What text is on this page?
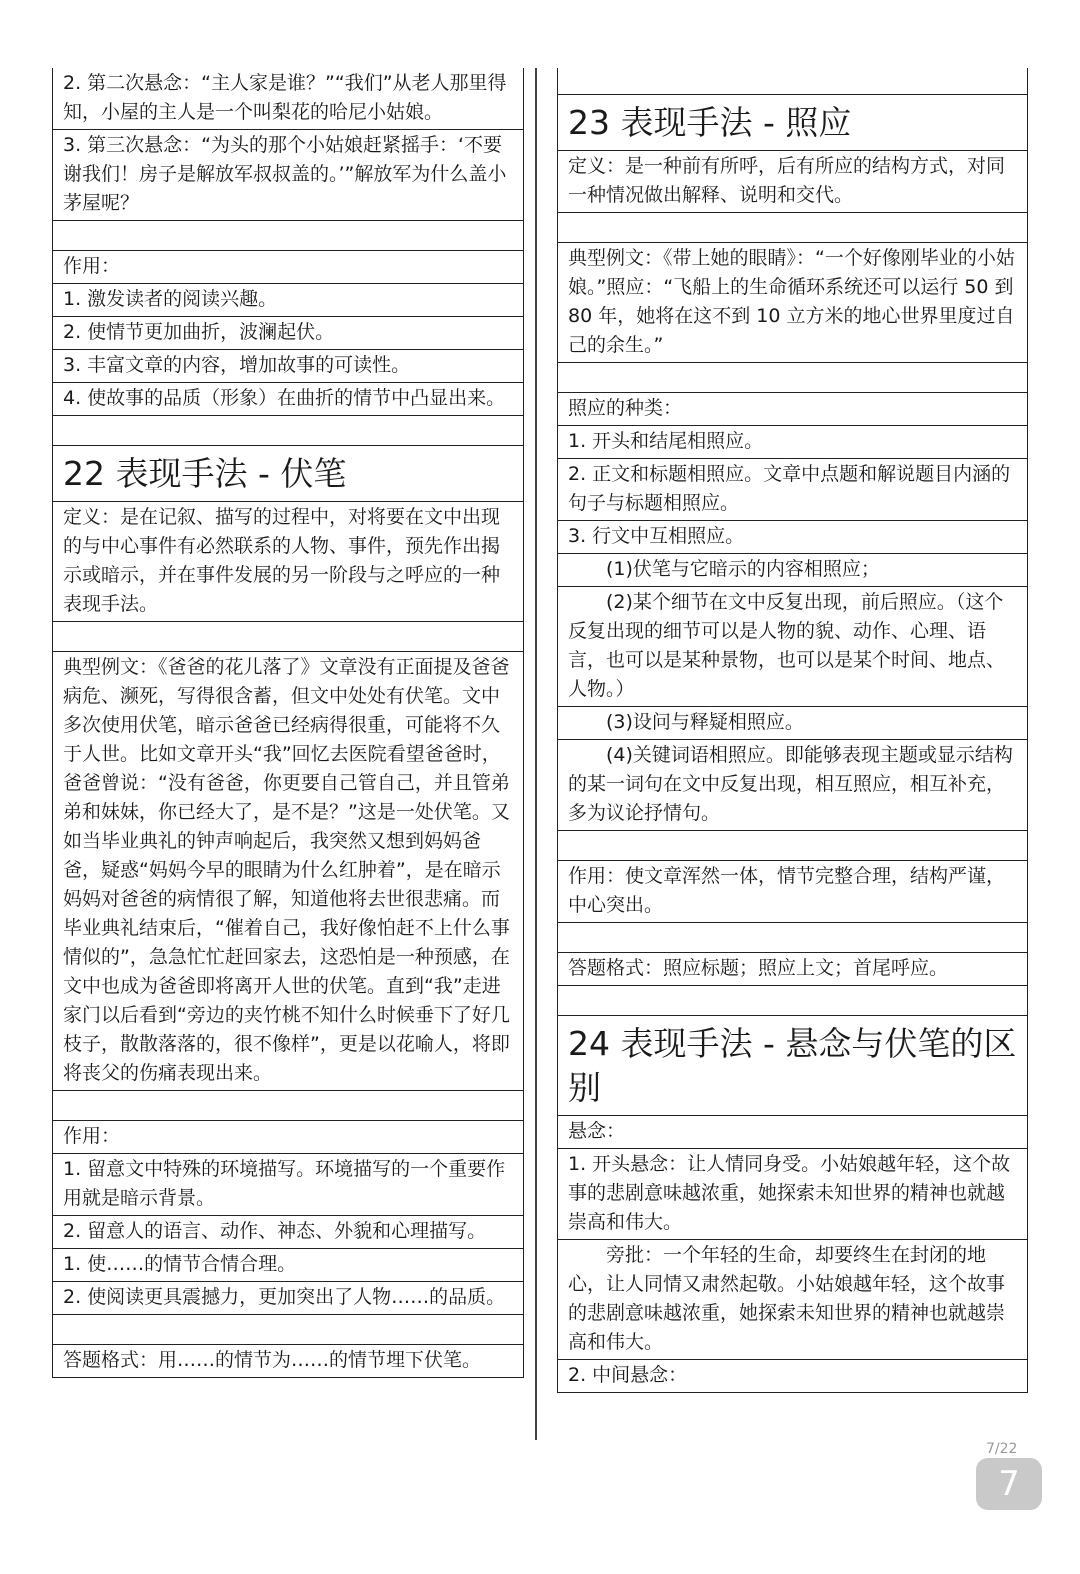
2. 第二次悬念：“主人家是谁？”“我们”从老人那里得知，小屋的主人是一个叫梨花的哈尼小姑娘。
3. 第三次悬念：“为头的那个小姑娘赶紧摇手：‘不要谢我们！房子是解放军叔叔盖的。’”解放军为什么盖小茅屋呢？
作用：
1. 激发读者的阅读兴趣。
2. 使情节更加曲折，波澜起伏。
3. 丰富文章的内容，增加故事的可读性。
4. 使故事的品质（形象）在曲折的情节中凸显出来。
22 表现手法 - 伏笔
定义：是在记叙、描写的过程中，对将要在文中出现的与中心事件有必然联系的人物、事件，预先作出揭示或暗示，并在事件发展的另一阶段与之呼应的一种表现手法。
典型例文：《爸爸的花儿落了》文章没有正面提及爸爸病危、濒死，写得很含蓄，但文中处处有伏笔。文中多次使用伏笔，暗示爸爸已经病得很重，可能将不久于人世。比如文章开头“我”回忆去医院看望爸爸时，爸爸曾说：“没有爸爸，你更要自己管自己，并且管弟弟和妹妹，你已经大了，是不是？”这是一处伏笔。又如当毕业典礼的钟声响起后，我突然又想到妈妈爸爸，疑惑“妈妈今早的眼睛为什么红肿着”，是在暗示妈妈对爸爸的病情很了解，知道他将去世很悲痛。而毕业典礼结束后，“催着自己，我好像怕赶不上什么事情似的”，急急忙忙赶回家去，这恐怕是一种预感，在文中也成为爸爸即将离开人世的伏笔。直到“我”走进家门以后看到“旁边的夹竹桃不知什么时候垂下了好几枝子，散散落落的，很不像样”，更是以花喻人，将即将丧父的伤痛表现出来。
作用：
1. 留意文中特殊的环境描写。环境描写的一个重要作用就是暗示背景。
2. 留意人的语言、动作、神态、外貌和心理描写。
1. 使……的情节合情合理。
2. 使阅读更具震撼力，更加突出了人物……的品质。
答题格式：用……的情节为……的情节埋下伏笔。
23 表现手法 - 照应
定义：是一种前有所呼，后有所应的结构方式，对同一种情况做出解释、说明和交代。
典型例文：《带上她的眼睛》：“一个好像刚毕业的小姑娘。”照应：“飞船上的生命循环系统还可以运行 50 到 80 年，她将在这不到 10 立方米的地心世界里度过自己的余生。”
照应的种类：
1. 开头和结尾相照应。
2. 正文和标题相照应。文章中点题和解说题目内涵的句子与标题相照应。
3. 行文中互相照应。
(1)伏笔与它暗示的内容相照应；
(2)某个细节在文中反复出现，前后照应。（这个反复出现的细节可以是人物的貌、动作、心理、语言，也可以是某种景物，也可以是某个时间、地点、人物。）
(3)设问与释疑相照应。
(4)关键词语相照应。即能够表现主题或显示结构的某一词句在文中反复出现，相互照应，相互补充，多为议论抒情句。
作用：使文章浑然一体，情节完整合理，结构严谨，中心突出。
答题格式：照应标题；照应上文；首尾呼应。
24 表现手法 - 悬念与伏笔的区别
悬念：
1. 开头悬念：让人情同身受。小姑娘越年轻，这个故事的悲剧意味越浓重，她探索未知世界的精神也就越崇高和伟大。
旁批：一个年轻的生命，却要终生在封闭的地心，让人同情又肃然起敬。小姑娘越年轻，这个故事的悲剧意味越浓重，她探索未知世界的精神也就越崇高和伟大。
2. 中间悬念：
7/22
7
